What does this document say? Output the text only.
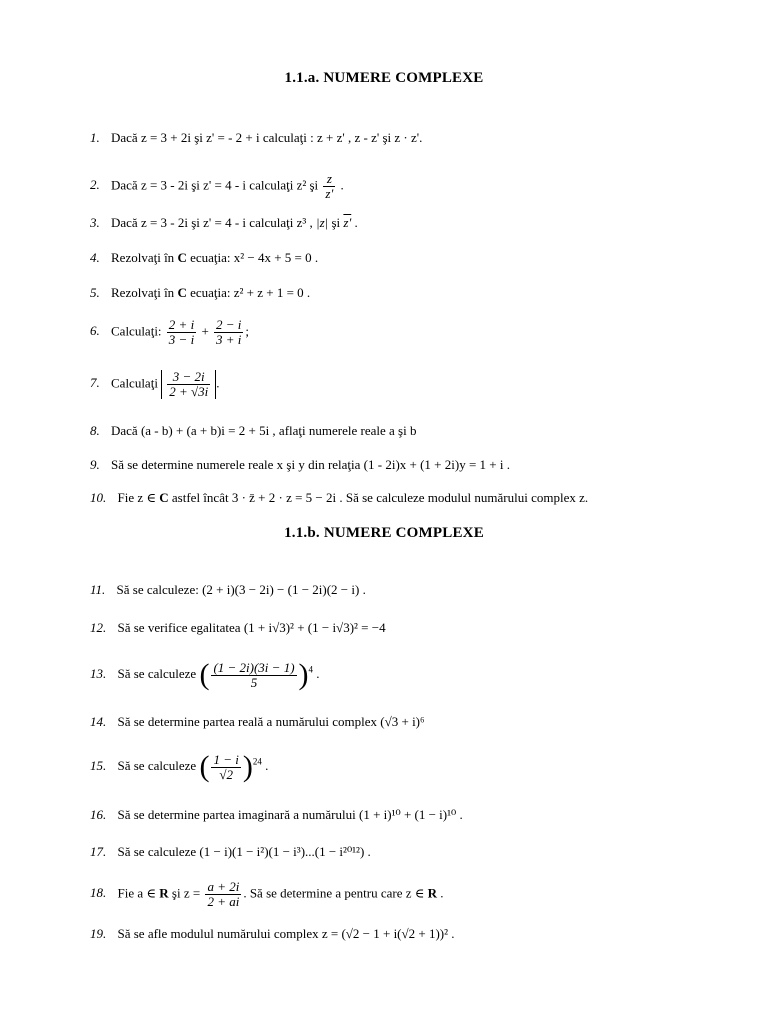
1.1.a. NUMERE COMPLEXE
1. Dacă z = 3 + 2i şi z' = - 2 + i calculaţi : z + z' , z - z' şi z · z'.
2. Dacă z = 3 - 2i şi z' = 4 - i calculaţi z² şi $\frac{z}{z'}$ .
3. Dacă z = 3 - 2i şi z' = 4 - i calculaţi z³ , |z| şi z' .
4. Rezolvaţi în C ecuaţia: x² − 4x + 5 = 0 .
5. Rezolvaţi în C ecuaţia: z² + z + 1 = 0 .
6. Calculaţi: $\frac{2 + i}{3 - i} + \frac{2 - i}{3 + i}$ ;
7. Calculaţi $\frac{3 - 2i}{2 + √3i}$ .
8. Dacă (a - b) + (a + b)i = 2 + 5i , aflaţi numerele reale a şi b
9. Să se determine numerele reale x şi y din relaţia (1 - 2i)x + (1 + 2i)y = 1 + i .
10. Fie z ∈ C astfel încât 3 · z̄ + 2 · z = 5 − 2i . Să se calculeze modulul numărului complex z.
1.1.b. NUMERE COMPLEXE
11. Să se calculeze: (2 + i)(3 − 2i) − (1 − 2i)(2 − i) .
12. Să se verifice egalitatea (1 + i√3)² + (1 − i√3)² = −4
13. Să se calculeze ( $\frac{(1 - 2i)(3i - 1)}{5} )^4$ .
14. Să se determine partea reală a numărului complex (√3 + i)⁶
15. Să se calculeze ( $\frac{1 - i}{√2} )^{24}$ .
16. Să se determine partea imaginară a numărului (1 + i)¹⁰ + (1 − i)¹⁰ .
17. Să se calculeze (1 − i)(1 − i²)(1 − i³)...(1 − i²⁰¹²) .
18. Fie a ∈ R şi $z = \frac{a + 2i}{2 + ai}$ . Să se determine a pentru care z ∈ R .
19. Să se afle modulul numărului complex z = (√2 − 1 + i(√2 + 1))² .
